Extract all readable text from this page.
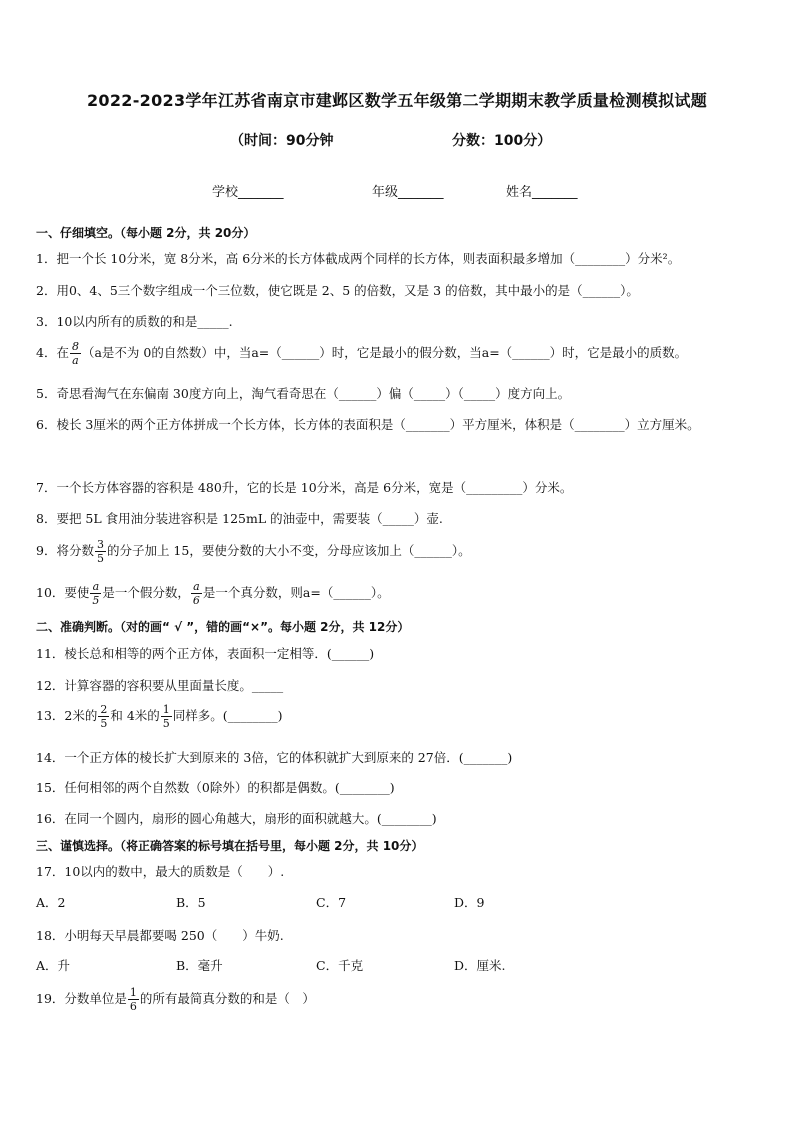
2022-2023学年江苏省南京市建邺区数学五年级第二学期期末教学质量检测模拟试题
（时间：90分钟	分数：100分）
学校_______	年级_______	姓名_______
一、仔细填空。（每小题 2分，共 20分）
1．把一个长 10分米，宽 8分米，高 6分米的长方体截成两个同样的长方体，则表面积最多增加（________）分米²。
2．用0、4、5三个数字组成一个三位数，使它既是 2、5 的倍数，又是 3 的倍数，其中最小的是（______）。
3．10以内所有的质数的和是_____.
4．在 $\frac{8}{a} (a$是不为 0的自然数）中，当a=（______）时，它是最小的假分数，当a=（______）时，它是最小的质数。
5．奇思看淘气在东偏南 30度方向上，淘气看奇思在（______）偏（_____）（_____）度方向上。
6．棱长 3厘米的两个正方体拼成一个长方体，长方体的表面积是（_______）平方厘米，体积是（________）立方厘米。
7．一个长方体容器的容积是 480升，它的长是 10分米，高是 6分米，宽是（_________）分米。
8．要把 5L 食用油分装进容积是 125mL 的油壶中，需要装（_____）壶.
9．将分数 $\frac{3}{5}$ 的分子加上 15，要使分数的大小不变，分母应该加上（______）。
10．要使 $\frac{a}{5}$ 是一个假分数， $\frac{a}{6}$ 是一个真分数，则a=（______）。
二、准确判断。（对的画“ √ ”，错的画“×”。每小题 2分，共 12分）
11．棱长总和相等的两个正方体，表面积一定相等．(______)
12．计算容器的容积要从里面量长度。_____
13．2米的 $\frac{2}{5}$ 和 4米的 $\frac{1}{5}$ 同样多。(________)
14．一个正方体的棱长扩大到原来的 3倍，它的体积就扩大到原来的 27倍．(_______)
15．任何相邻的两个自然数（0除外）的积都是偶数。(________)
16．在同一个圆内，扇形的圆心角越大，扇形的面积就越大。(________)
三、谨慎选择。（将正确答案的标号填在括号里，每小题 2分，共 10分）
17．10以内的数中，最大的质数是（　　）.
A．2	B．5	C．7	D．9
18．小明每天早晨都要喝 250（　　）牛奶.
A．升	B．毫升	C．千克	D．厘米.
19．分数单位是 $\frac{1}{6}$ 的所有最简真分数的和是（　）
